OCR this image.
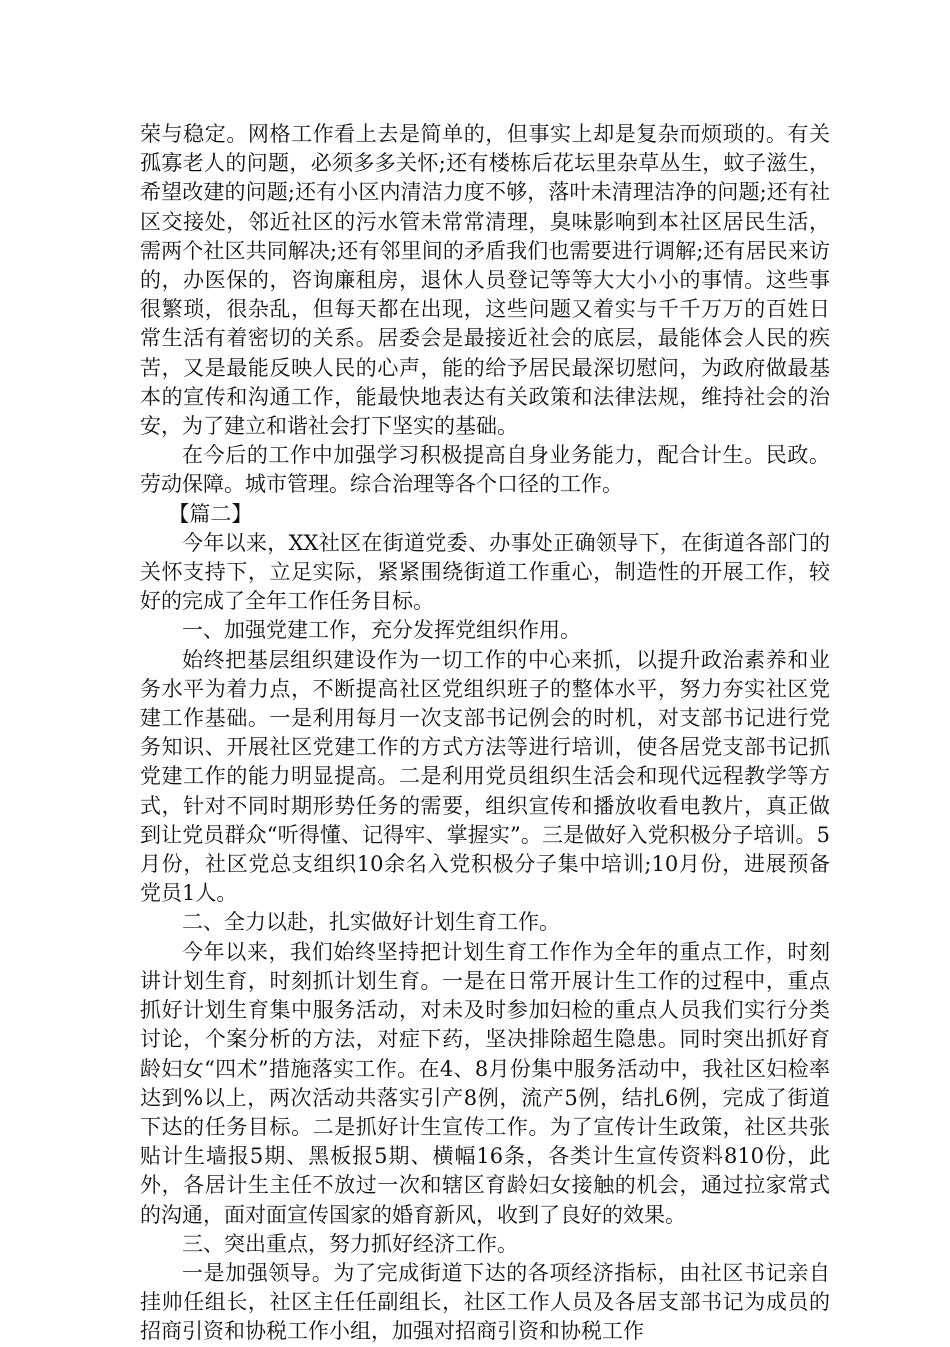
荣与稳定。网格工作看上去是简单的，但事实上却是复杂而烦琐的。有关孤寡老人的问题，必须多多关怀;还有楼栋后花坛里杂草丛生，蚊子滋生，希望改建的问题;还有小区内清洁力度不够，落叶未清理洁净的问题;还有社区交接处，邻近社区的污水管未常常清理，臭味影响到本社区居民生活，需两个社区共同解决;还有邻里间的矛盾我们也需要进行调解;还有居民来访的，办医保的，咨询廉租房，退休人员登记等等大大小小的事情。这些事很繁琐，很杂乱，但每天都在出现，这些问题又着实与千千万万的百姓日常生活有着密切的关系。居委会是最接近社会的底层，最能体会人民的疾苦，又是最能反映人民的心声，能的给予居民最深切慰问，为政府做最基本的宣传和沟通工作，能最快地表达有关政策和法律法规，维持社会的治安，为了建立和谐社会打下坚实的基础。

在今后的工作中加强学习积极提高自身业务能力，配合计生。民政。劳动保障。城市管理。综合治理等各个口径的工作。

【篇二】

今年以来，XX社区在街道党委、办事处正确领导下，在街道各部门的关怀支持下，立足实际，紧紧围绕街道工作重心，制造性的开展工作，较好的完成了全年工作任务目标。

一、加强党建工作，充分发挥党组织作用。

始终把基层组织建设作为一切工作的中心来抓，以提升政治素养和业务水平为着力点，不断提高社区党组织班子的整体水平，努力夯实社区党建工作基础。一是利用每月一次支部书记例会的时机，对支部书记进行党务知识、开展社区党建工作的方式方法等进行培训，使各居党支部书记抓党建工作的能力明显提高。二是利用党员组织生活会和现代远程教学等方式，针对不同时期形势任务的需要，组织宣传和播放收看电教片，真正做到让党员群众“听得懂、记得牢、掌握实”。三是做好入党积极分子培训。5月份，社区党总支组织10余名入党积极分子集中培训;10月份，进展预备党员1人。

二、全力以赴，扎实做好计划生育工作。

今年以来，我们始终坚持把计划生育工作作为全年的重点工作，时刻讲计划生育，时刻抓计划生育。一是在日常开展计生工作的过程中，重点抓好计划生育集中服务活动，对未及时参加妇检的重点人员我们实行分类讨论，个案分析的方法，对症下药，坚决排除超生隐患。同时突出抓好育龄妇女“四术”措施落实工作。在4、8月份集中服务活动中，我社区妇检率达到%以上，两次活动共落实引产8例，流产5例，结扎6例，完成了街道下达的任务目标。二是抓好计生宣传工作。为了宣传计生政策，社区共张贴计生墙报5期、黑板报5期、横幅16条，各类计生宣传资料810份，此外，各居计生主任不放过一次和辖区育龄妇女接触的机会，通过拉家常式的沟通，面对面宣传国家的婚育新风，收到了良好的效果。

三、突出重点，努力抓好经济工作。

一是加强领导。为了完成街道下达的各项经济指标，由社区书记亲自挂帅任组长，社区主任任副组长，社区工作人员及各居支部书记为成员的招商引资和协税工作小组，加强对招商引资和协税工作
